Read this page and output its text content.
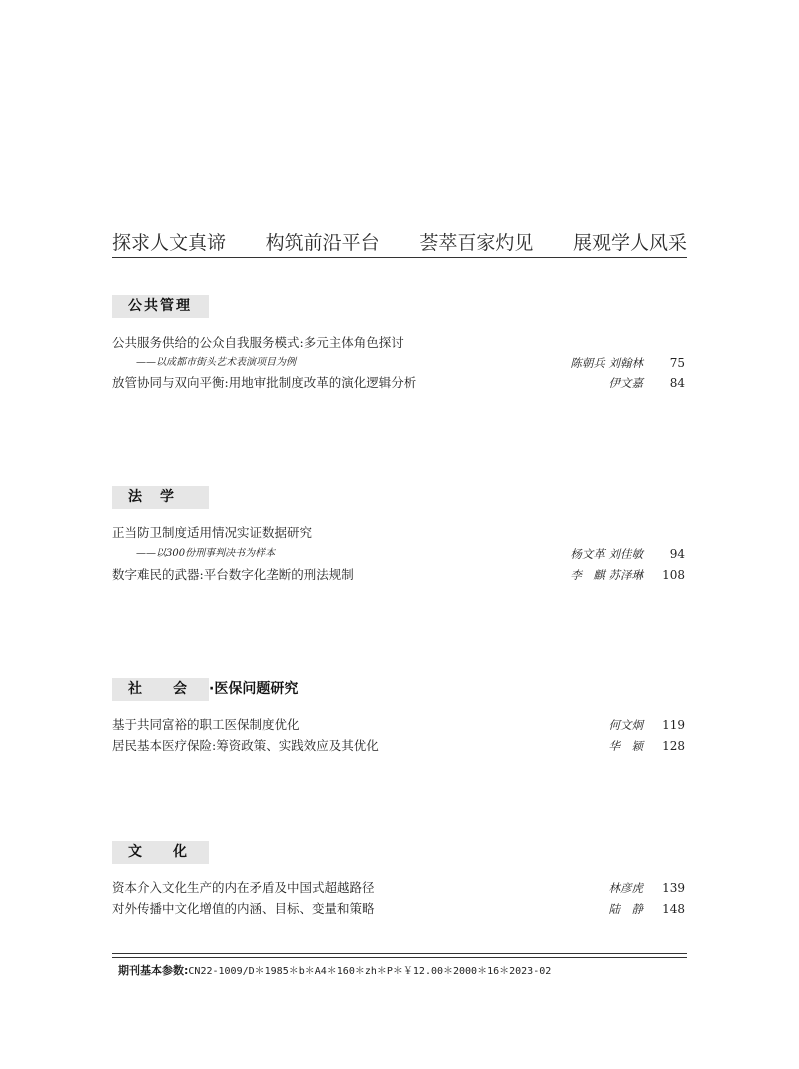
探求人文真谛 构筑前沿平台 荟萃百家灼见 展观学人风采
公共管理
公共服务供给的公众自我服务模式:多元主体角色探讨
——以成都市街头艺术表演项目为例	陈朝兵 刘翰林 75
放管协同与双向平衡:用地审批制度改革的演化逻辑分析	伊文嘉 84
法　学
正当防卫制度适用情况实证数据研究
——以300份刑事判决书为样本	杨文革 刘佳敏 94
数字难民的武器:平台数字化垄断的刑法规制	李　麒 苏泽琳 108
社　　会	·医保问题研究
基于共同富裕的职工医保制度优化	何文炯 119
居民基本医疗保险:筹资政策、实践效应及其优化	华　颖 128
文　　化
资本介入文化生产的内在矛盾及中国式超越路径	林彦虎 139
对外传播中文化增值的内涵、目标、变量和策略	陆　静 148
期刊基本参数:CN22-1009/D＊1985＊b＊A4＊160＊zh＊P＊￥12.00＊2000＊16＊2023-02
